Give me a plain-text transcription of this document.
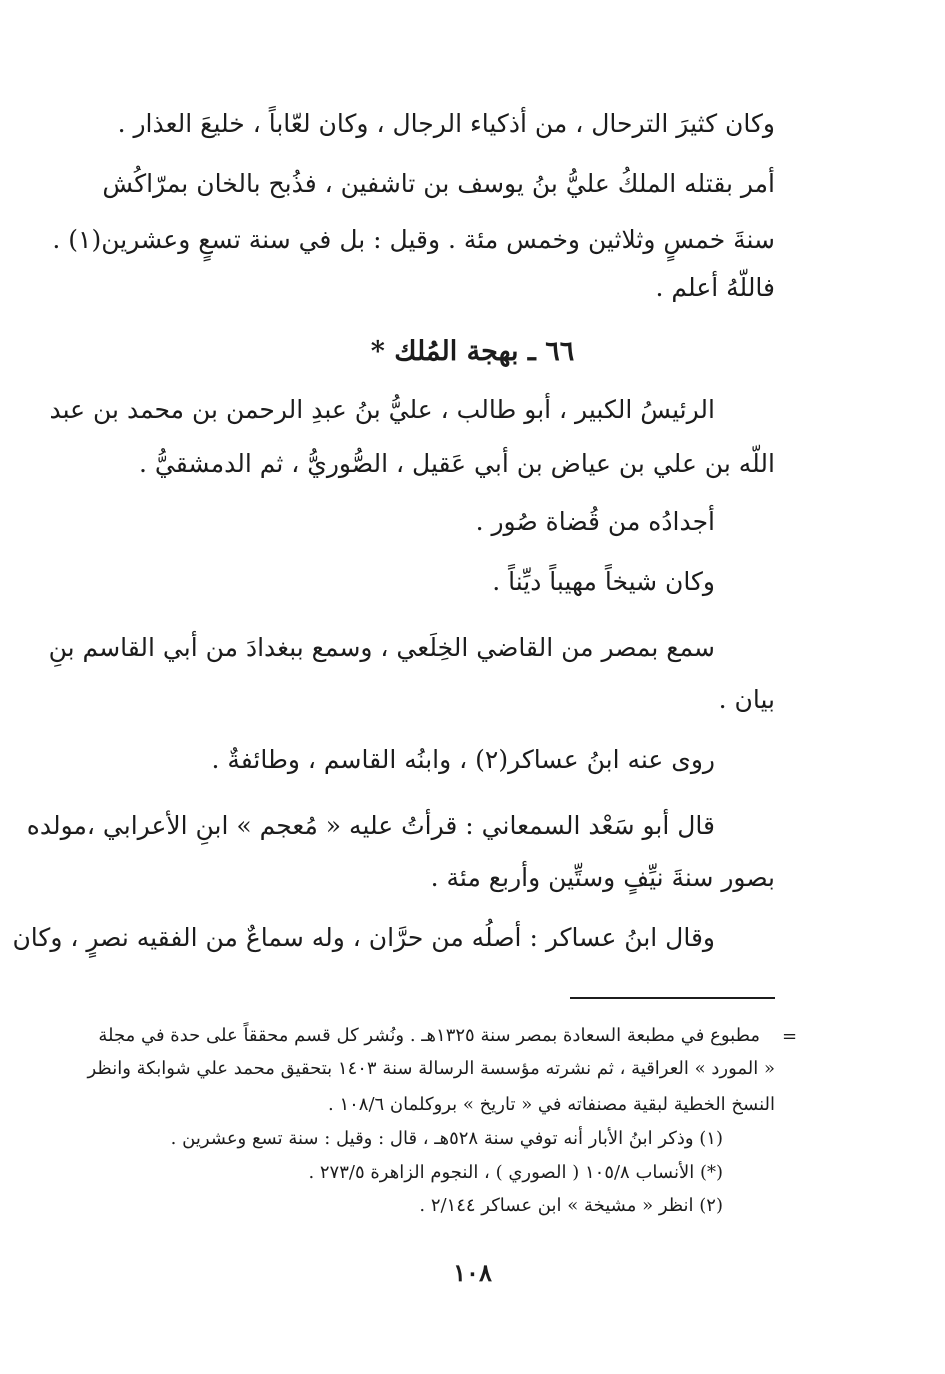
وكان كثيرَ الترحال ، من أذكياء الرجال ، وكان لعّاباً ، خليعَ العذار .
أمر بقتله الملكُ عليُّ بنُ يوسف بن تاشفين ، فذُبح بالخان بمرّاكُش
سنةَ خمسٍ وثلاثين وخمس مئة . وقيل : بل في سنة تسعٍ وعشرين(١) .
فاللّهُ أعلم .
٦٦ ـ بهجة المُلك *
الرئيسُ الكبير ، أبو طالب ، عليُّ بنُ عبدِ الرحمن بن محمد بن عبد
اللّه بن علي بن عياض بن أبي عَقيل ، الصُّوريُّ ، ثم الدمشقيُّ .
أجدادُه من قُضاة صُور .
وكان شيخاً مهيباً ديِّناً .
سمع بمصر من القاضي الخِلَعي ، وسمع ببغدادَ من أبي القاسم بنِ
بيان .
روى عنه ابنُ عساكر(٢) ، وابنُه القاسم ، وطائفةٌ .
قال أبو سَعْد السمعاني : قرأتُ عليه « مُعجم » ابنِ الأعرابي ،مولده
بصور سنةَ نيِّفٍ وستِّين وأربع مئة .
وقال ابنُ عساكر : أصلُه من حرَّان ، وله سماعٌ من الفقيه نصرٍ ، وكان
=
مطبوع في مطبعة السعادة بمصر سنة ١٣٢٥هـ . ونُشر كل قسم محققاً على حدة في مجلة
« المورد » العراقية ، ثم نشرته مؤسسة الرسالة سنة ١٤٠٣ بتحقيق محمد علي شوابكة وانظر
النسخ الخطية لبقية مصنفاته في « تاريخ » بروكلمان ١٠٨/٦ .
(١) وذكر ابنُ الأبار أنه توفي سنة ٥٢٨هـ ، قال : وقيل : سنة تسع وعشرين .
(*) الأنساب ١٠٥/٨ ( الصوري ) ، النجوم الزاهرة ٢٧٣/٥ .
(٢) انظر « مشيخة » ابن عساكر ٢/١٤٤ .
١٠٨
